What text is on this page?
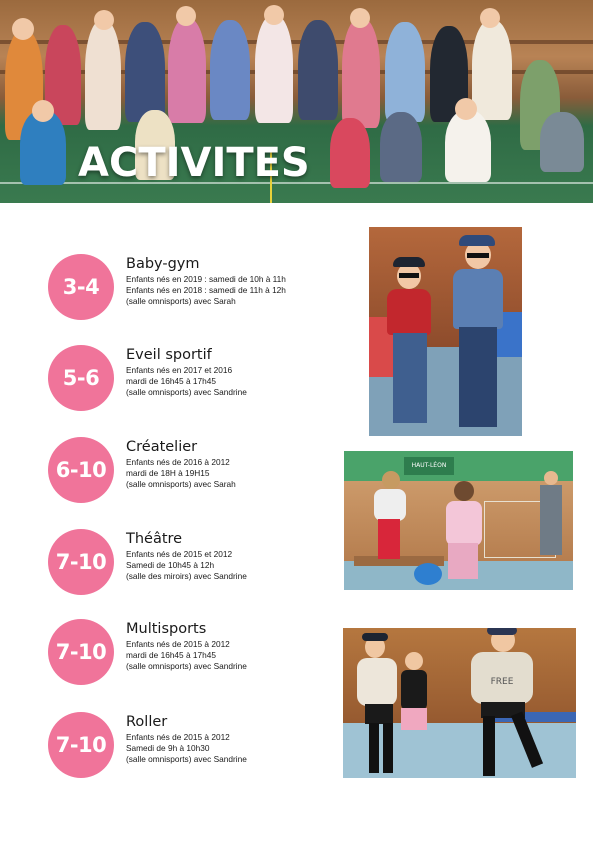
ACTIVITES
3-4
Baby-gym
Enfants nés en 2019 : samedi de 10h à 11h
Enfants nés en 2018 : samedi de 11h à 12h
(salle omnisports) avec Sarah
5-6
Eveil sportif
Enfants nés en 2017 et 2016
mardi de 16h45 à 17h45
(salle omnisports) avec Sandrine
6-10
Créatelier
Enfants nés de 2016 à 2012
mardi de 18H à 19H15
(salle omnisports) avec Sarah
7-10
Théâtre
Enfants nés de 2015 et 2012
Samedi de 10h45 à 12h
(salle des miroirs) avec Sandrine
7-10
Multisports
Enfants nés de 2015 à 2012
mardi de 16h45 à 17h45
(salle omnisports) avec Sandrine
7-10
Roller
Enfants nés de 2015 à 2012
Samedi de 9h à 10h30
(salle omnisports) avec Sandrine
HAUT-LÉON
FREE
